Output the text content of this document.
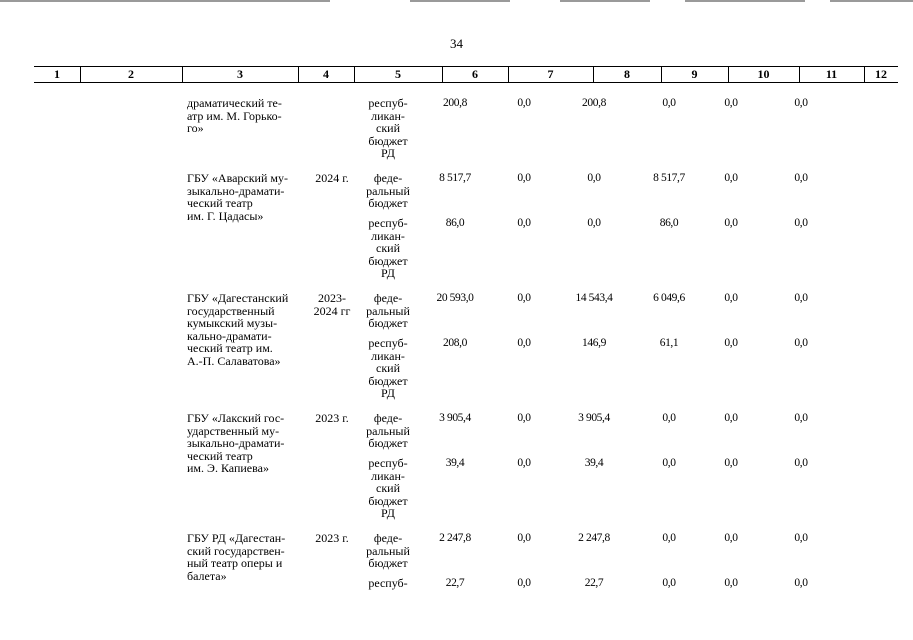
34
1	2	3	4	5	6	7	8	9	10	11	12
драматический те-
атр им. М. Горько-
го»
респуб-
ликан-
ский
бюджет
РД
200,8	0,0	200,8	0,0	0,0	0,0
ГБУ «Аварский му-
зыкально-драмати-
ческий театр
им. Г. Цадасы»
2024 г.	феде-
ральный
бюджет
8 517,7	0,0	0,0	8 517,7	0,0	0,0
респуб-
ликан-
ский
бюджет
РД
86,0	0,0	0,0	86,0	0,0	0,0
ГБУ «Дагестанский
государственный
кумыкский музы-
кально-драмати-
ческий театр им.
А.-П. Салаватова»
2023-
2024 гг
феде-
ральный
бюджет
20 593,0	0,0	14 543,4	6 049,6	0,0	0,0
респуб-
ликан-
ский
бюджет
РД
208,0	0,0	146,9	61,1	0,0	0,0
ГБУ «Лакский гос-
ударственный му-
зыкально-драмати-
ческий театр
им. Э. Капиева»
2023 г.	феде-
ральный
бюджет
3 905,4	0,0	3 905,4	0,0	0,0	0,0
респуб-
ликан-
ский
бюджет
РД
39,4	0,0	39,4	0,0	0,0	0,0
ГБУ РД «Дагестан-
ский государствен-
ный театр оперы и
балета»
2023 г.	феде-
ральный
бюджет
2 247,8	0,0	2 247,8	0,0	0,0	0,0
респуб-	22,7	0,0	22,7	0,0	0,0	0,0
